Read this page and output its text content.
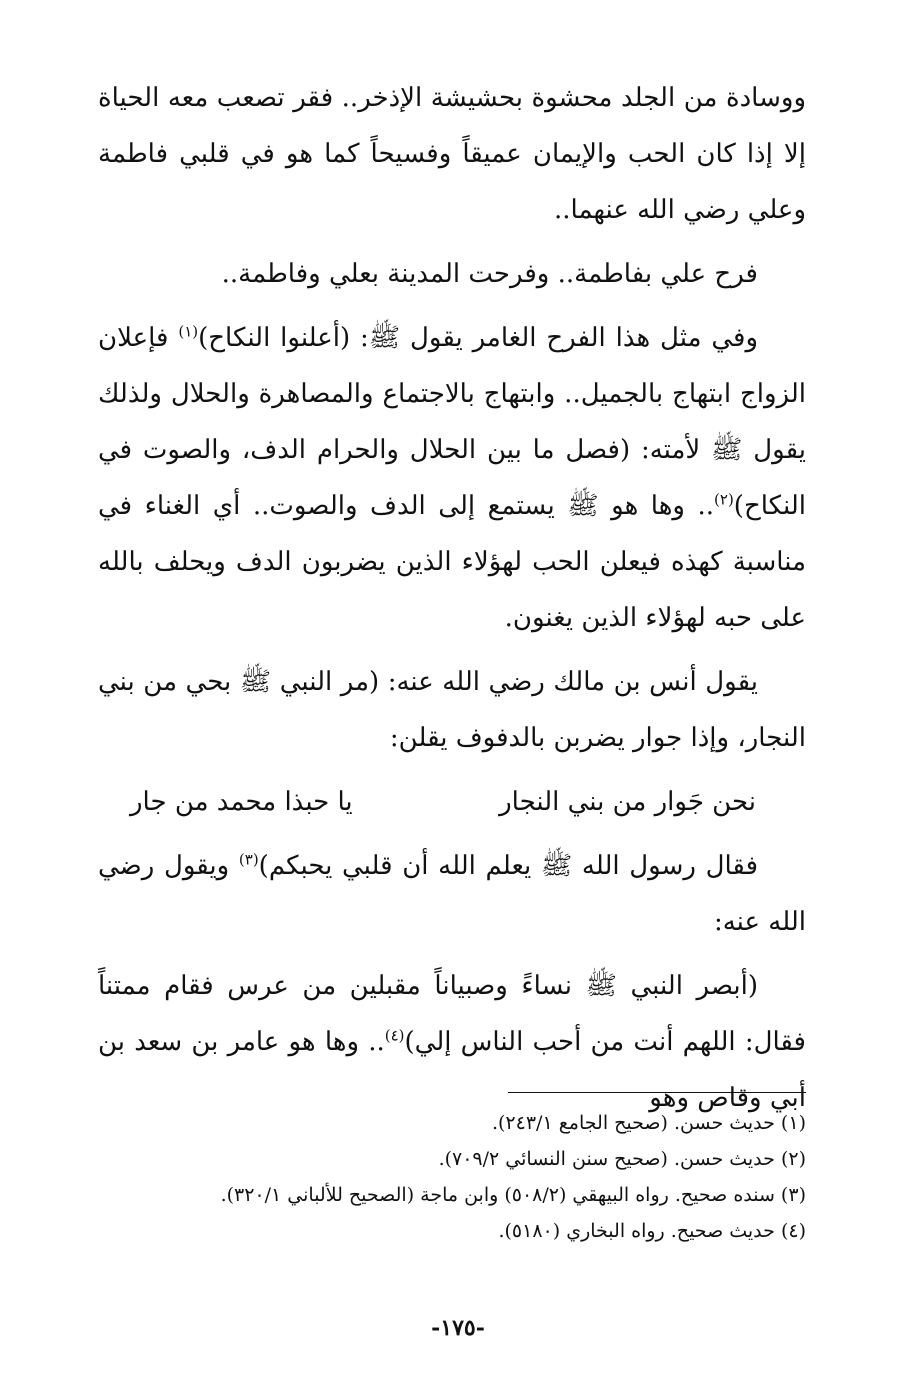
ووسادة من الجلد محشوة بحشيشة الإذخر.. فقر تصعب معه الحياة إلا إذا كان الحب والإيمان عميقاً وفسيحاً كما هو في قلبي فاطمة وعلي رضي الله عنهما..

فرح علي بفاطمة.. وفرحت المدينة بعلي وفاطمة..

وفي مثل هذا الفرح الغامر يقول ﷺ: (أعلنوا النكاح)$^{(١)}$ فإعلان الزواج ابتهاج بالجميل.. وابتهاج بالاجتماع والمصاهرة والحلال ولذلك يقول ﷺ لأمته: (فصل ما بين الحلال والحرام الدف، والصوت في النكاح)$^{(٢)}$.. وها هو ﷺ يستمع إلى الدف والصوت.. أي الغناء في مناسبة كهذه فيعلن الحب لهؤلاء الذين يضربون الدف ويحلف بالله على حبه لهؤلاء الذين يغنون.

يقول أنس بن مالك رضي الله عنه: (مر النبي ﷺ بحي من بني النجار، وإذا جوار يضربن بالدفوف يقلن:

نحن جَوار من بني النجار
يا حبذا محمد من جار

فقال رسول الله ﷺ يعلم الله أن قلبي يحبكم)$^{(٣)}$ ويقول رضي الله عنه:

(أبصر النبي ﷺ نساءً وصبياناً مقبلين من عرس فقام ممتناً فقال: اللهم أنت من أحب الناس إلي)$^{(٤)}$.. وها هو عامر بن سعد بن أبي وقاص وهو

(١) حديث حسن. (صحيح الجامع ٢٤٣/١).

(٢) حديث حسن. (صحيح سنن النسائي ٧٠٩/٢).

(٣) سنده صحيح. رواه البيهقي (٥٠٨/٢) وابن ماجة (الصحيح للألباني ٣٢٠/١).

(٤) حديث صحيح. رواه البخاري (٥١٨٠).

-١٧٥-
